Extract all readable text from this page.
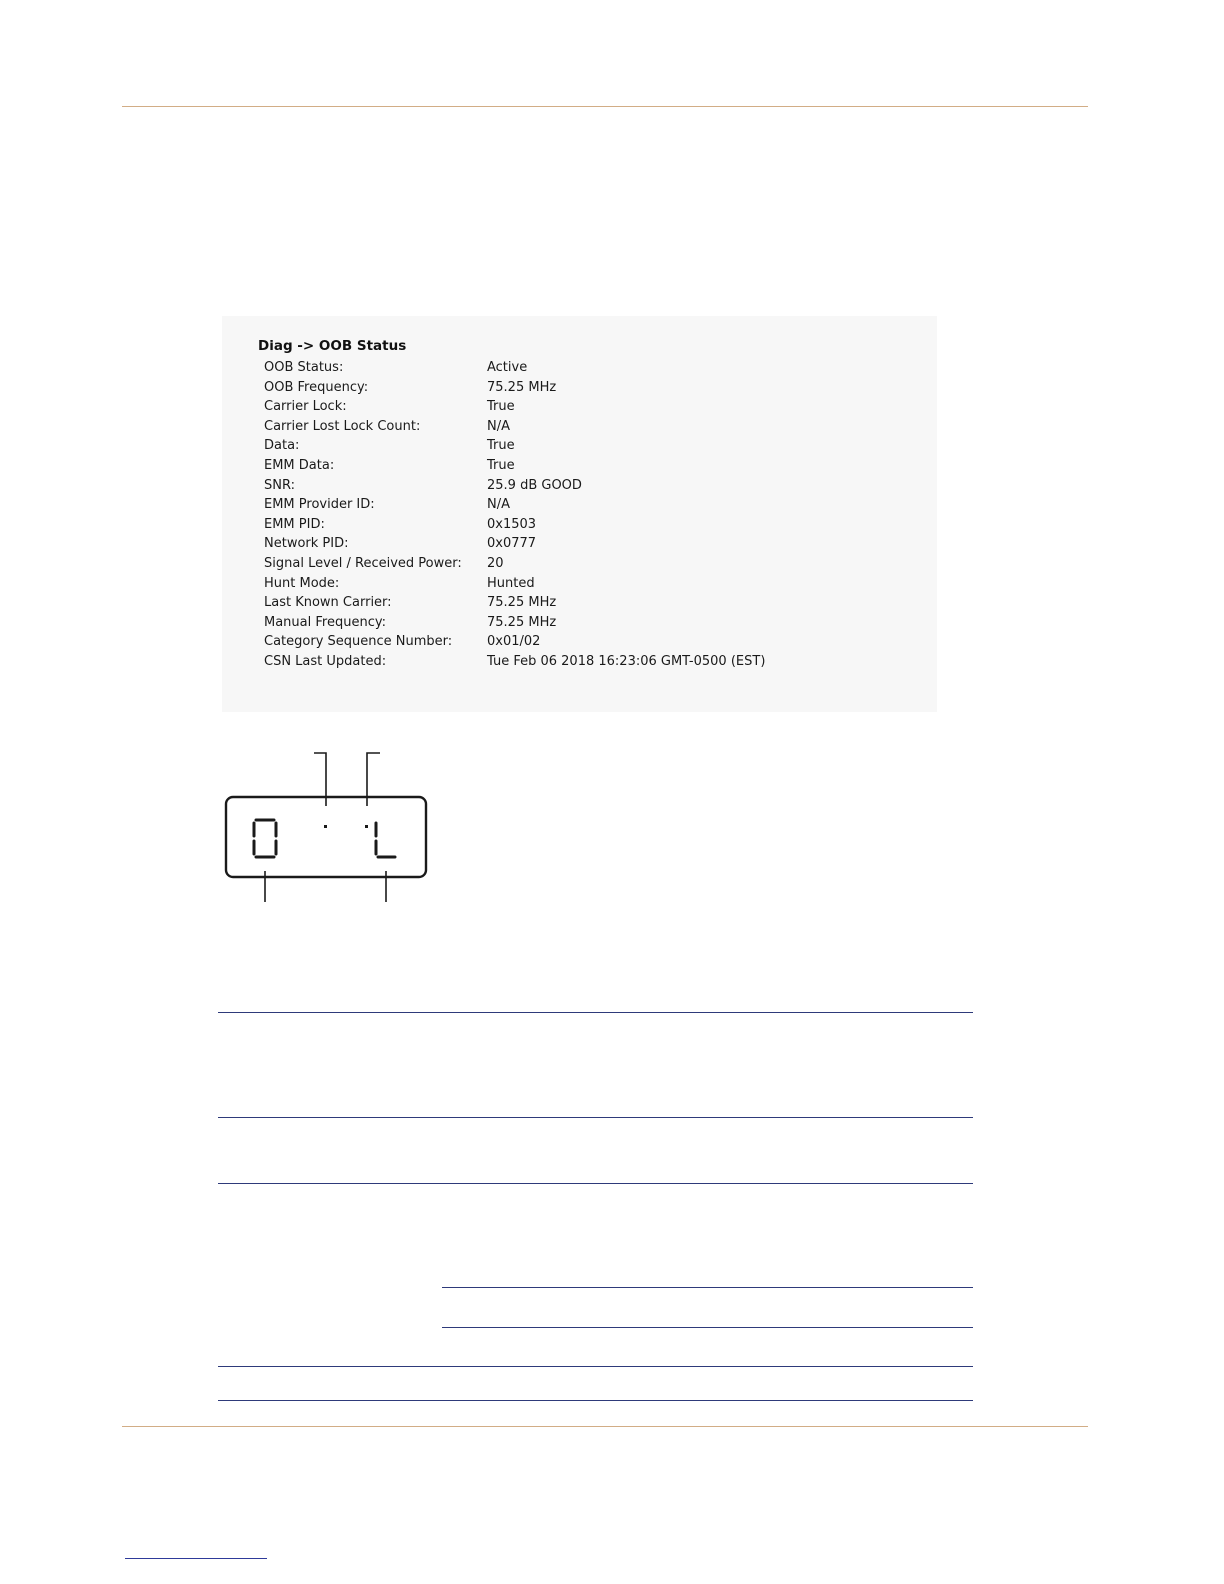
Diag -> OOB Status
OOB Status:	Active
OOB Frequency:	75.25 MHz
Carrier Lock:	True
Carrier Lost Lock Count:	N/A
Data:	True
EMM Data:	True
SNR:	25.9 dB GOOD
EMM Provider ID:	N/A
EMM PID:	0x1503
Network PID:	0x0777
Signal Level / Received Power: 20
Hunt Mode:	Hunted
Last Known Carrier:	75.25 MHz
Manual Frequency:	75.25 MHz
Category Sequence Number:	0x01/02
CSN Last Updated:	Tue Feb 06 2018 16:23:06 GMT-0500 (EST)
